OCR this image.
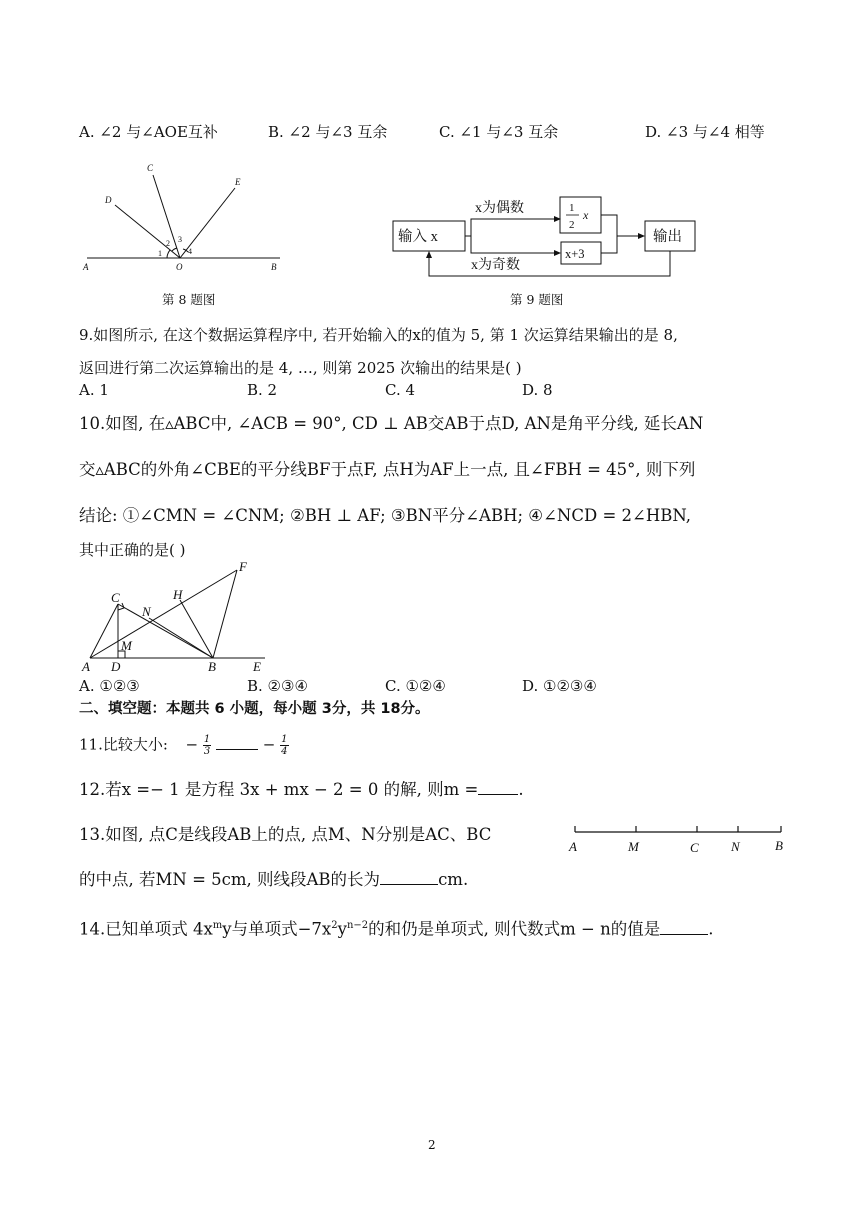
A. ∠2 与∠AOE互补	B. ∠2 与∠3 互余	C. ∠1 与∠3 互余	D. ∠3 与∠4 相等
C
D
E
A	O	B
1
2 3
4
第 8 题图
输入 x
x为偶数
x为奇数
1
2
x
x+3
输出
第 9 题图
9.如图所示, 在这个数据运算程序中, 若开始输入的x的值为 5, 第 1 次运算结果输出的是 8,
返回进行第二次运算输出的是 4, …, 则第 2025 次输出的结果是( )
A. 1	B. 2	C. 4	D. 8
10.如图, 在▵ABC中, ∠ACB = 90°, CD ⊥ AB交AB于点D, AN是角平分线, 延长AN
交▵ABC的外角∠CBE的平分线BF于点F, 点H为AF上一点, 且∠FBH = 45°, 则下列
结论: ①∠CMN = ∠CNM; ②BH ⊥ AF; ③BN平分∠ABH; ④∠NCD = 2∠HBN,
其中正确的是( )
F
C	H
N
M
A D	B	E
A. ①②③	B. ②③④	C. ①②④	D. ①②③④
二、填空题：本题共 6 小题，每小题 3分，共 18分。
11.比较大小: − $\frac{1}{3}$	− $\frac{1}{4}$
12.若x =− 1 是方程 3x + mx − 2 = 0 的解, 则m = .
13.如图, 点C是线段AB上的点, 点M、N分别是AC、BC
的中点, 若MN = 5cm, 则线段AB的长为	cm.
A	M	C N	B
14.已知单项式 $4x^my$与单项式$-7x^2y^{n-2}$的和仍是单项式, 则代数式m − n的值是	.
2
